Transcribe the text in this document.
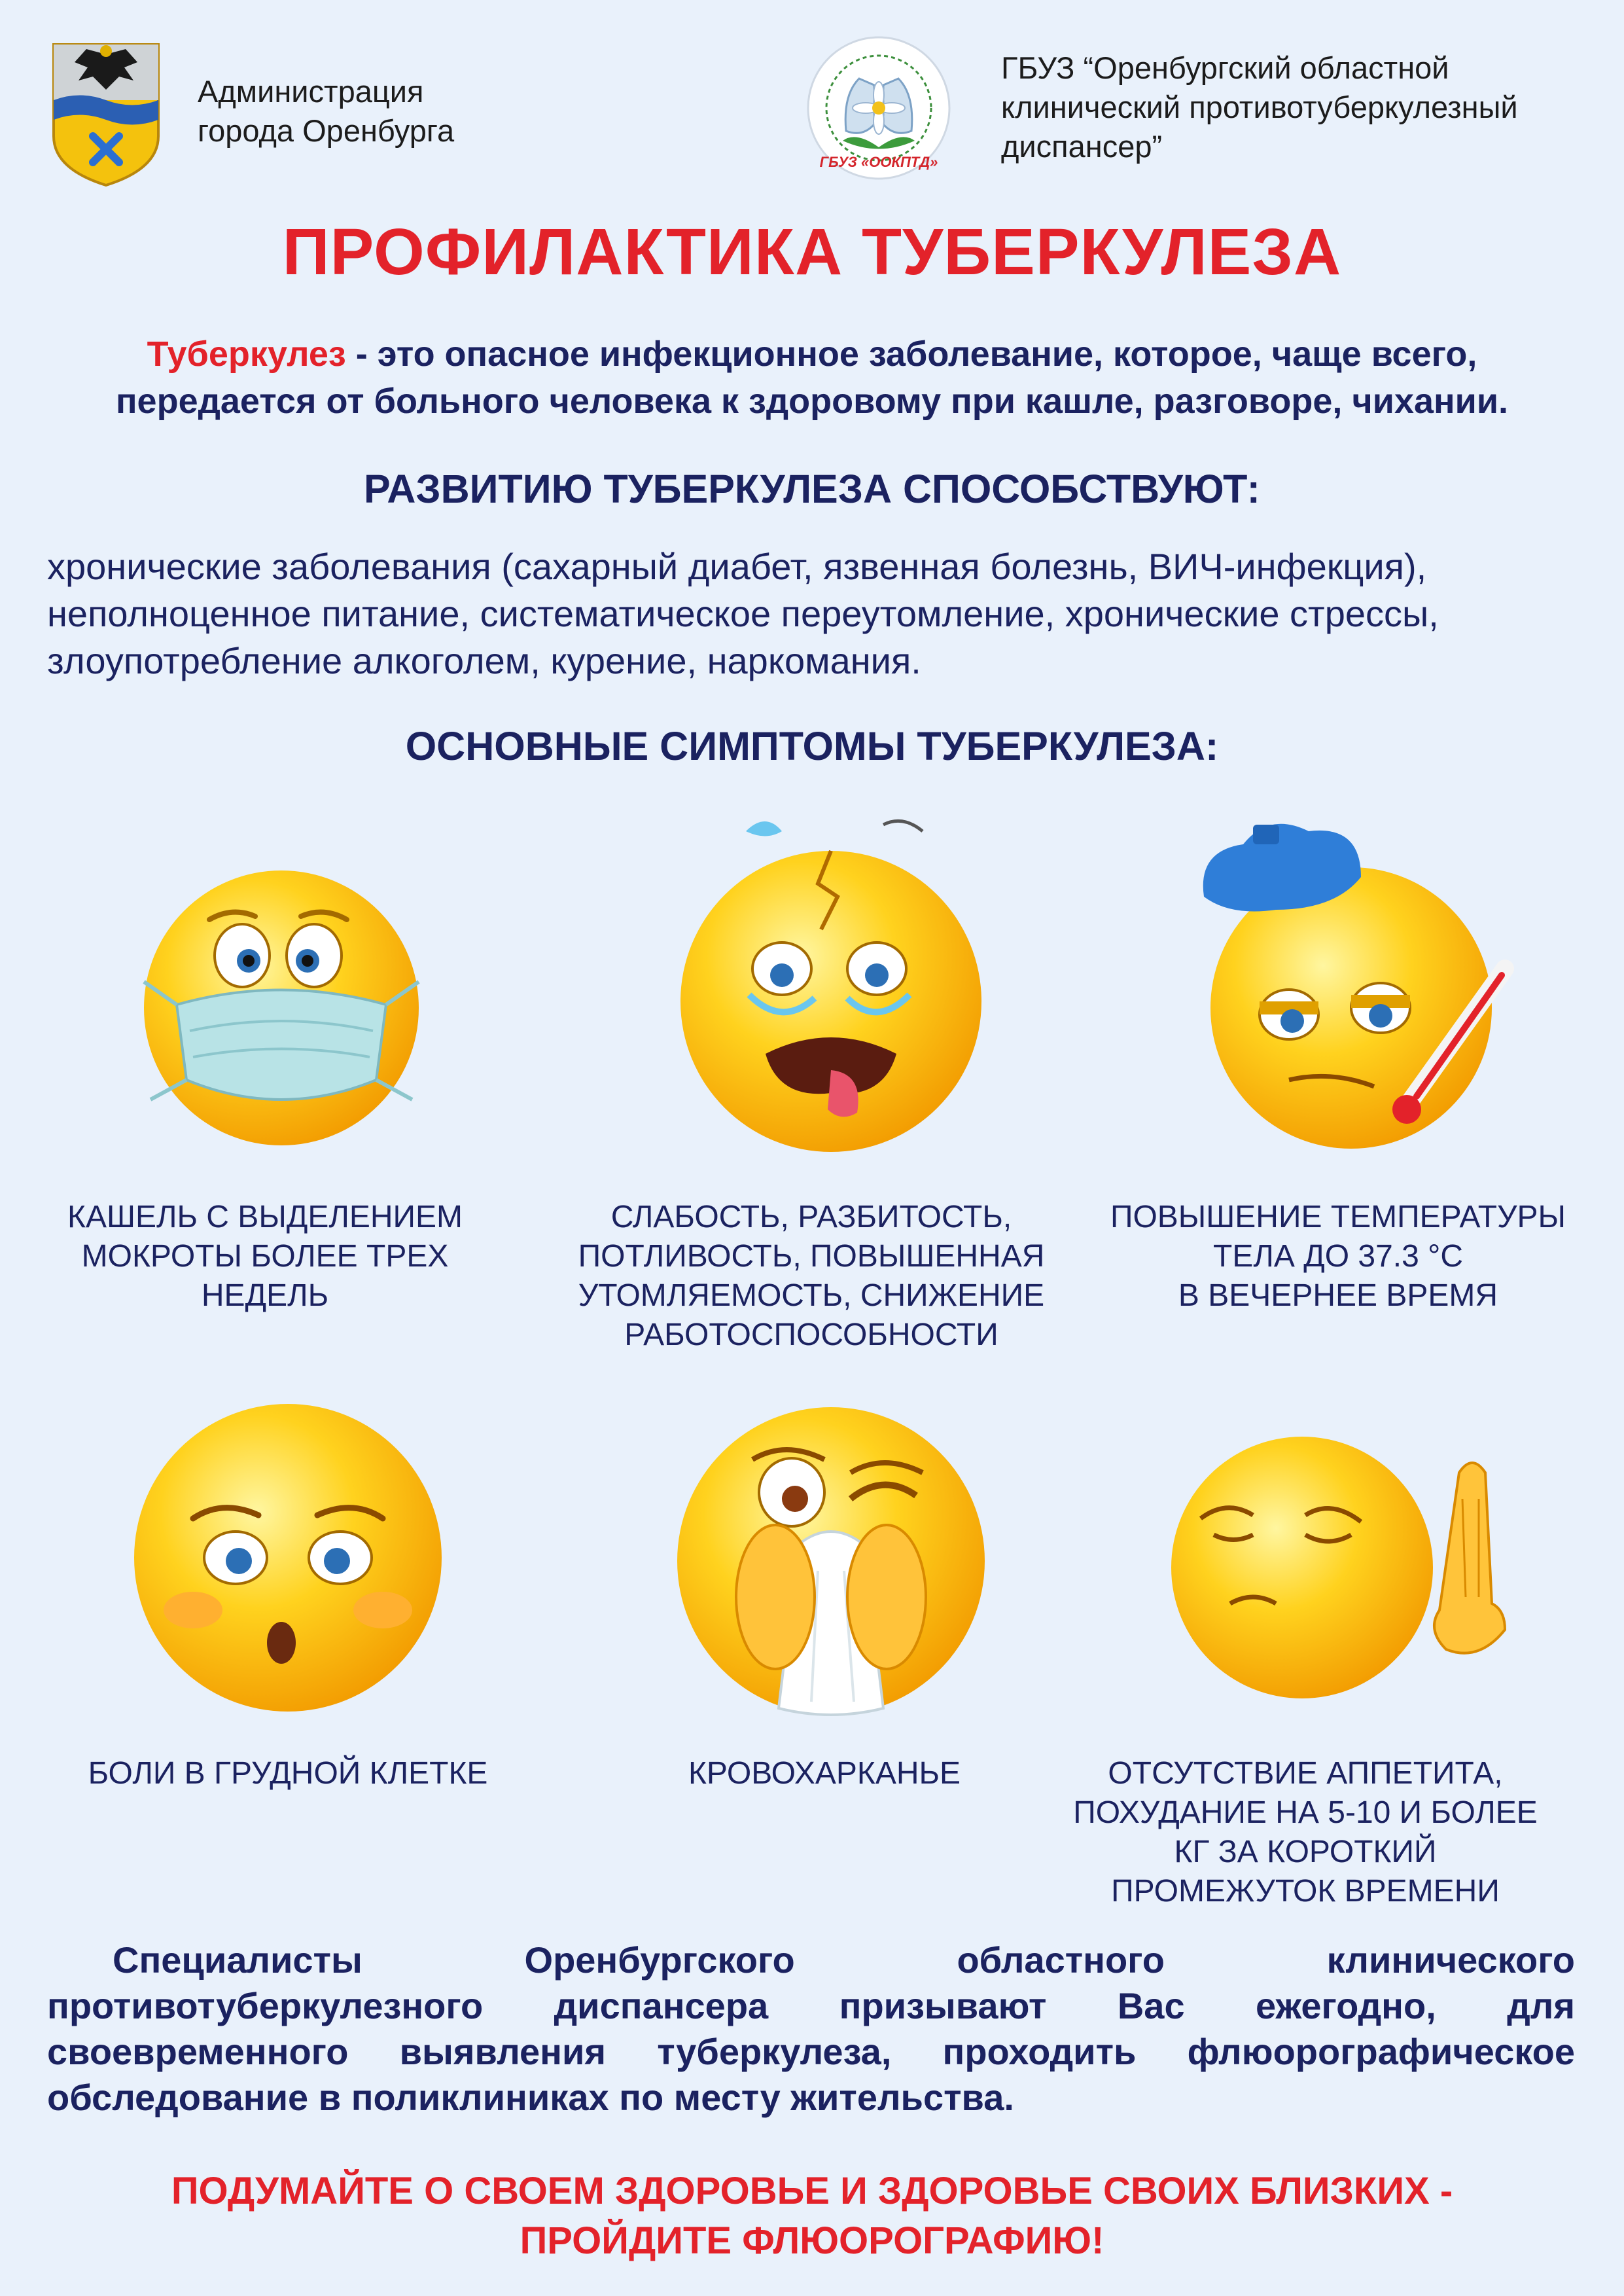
Администрация
города Оренбурга
ГБУЗ «ООКПТД»
ГБУЗ “Оренбургский областной
клинический противотуберкулезный
диспансер”
ПРОФИЛАКТИКА ТУБЕРКУЛЕЗА
Туберкулез - это опасное инфекционное заболевание, которое, чаще всего,
передается от больного человека к здоровому при кашле, разговоре, чихании.
РАЗВИТИЮ ТУБЕРКУЛЕЗА СПОСОБСТВУЮТ:
хронические заболевания (сахарный диабет, язвенная болезнь, ВИЧ-инфекция),
неполноценное питание, систематическое переутомление, хронические стрессы,
злоупотребление алкоголем, курение, наркомания.
ОСНОВНЫЕ СИМПТОМЫ ТУБЕРКУЛЕЗА:
КАШЕЛЬ С ВЫДЕЛЕНИЕМ
МОКРОТЫ БОЛЕЕ ТРЕХ
НЕДЕЛЬ
СЛАБОСТЬ, РАЗБИТОСТЬ,
ПОТЛИВОСТЬ, ПОВЫШЕННАЯ
УТОМЛЯЕМОСТЬ, СНИЖЕНИЕ
РАБОТОСПОСОБНОСТИ
ПОВЫШЕНИЕ ТЕМПЕРАТУРЫ
ТЕЛА ДО 37.3 °С
В ВЕЧЕРНЕЕ ВРЕМЯ
БОЛИ В ГРУДНОЙ КЛЕТКЕ	КРОВОХАРКАНЬЕ	ОТСУТСТВИЕ АППЕТИТА,
ПОХУДАНИЕ НА 5-10 И БОЛЕЕ
КГ ЗА КОРОТКИЙ
ПРОМЕЖУТОК ВРЕМЕНИ
Специалисты Оренбургского областного клинического
противотуберкулезного диспансера призывают Вас ежегодно, для
своевременного выявления туберкулеза, проходить флюорографическое
обследование в поликлиниках по месту жительства.
ПОДУМАЙТЕ О СВОЕМ ЗДОРОВЬЕ И ЗДОРОВЬЕ СВОИХ БЛИЗКИХ -
ПРОЙДИТЕ ФЛЮОРОГРАФИЮ!
